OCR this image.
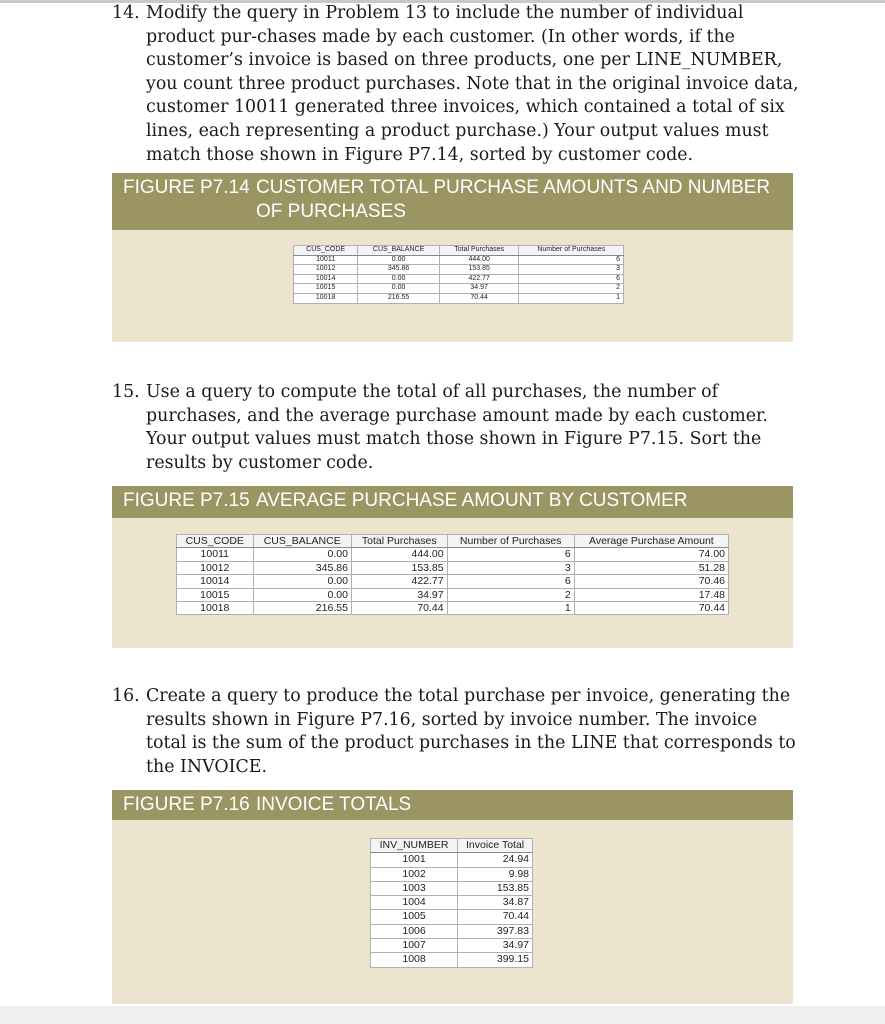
14. Modify the query in Problem 13 to include the number of individual product pur-chases made by each customer. (In other words, if the customer’s invoice is based on three products, one per LINE_NUMBER, you count three product purchases. Note that in the original invoice data, customer 10011 generated three invoices, which contained a total of six lines, each representing a product purchase.) Your output values must match those shown in Figure P7.14, sorted by customer code.
FIGURE P7.14 CUSTOMER TOTAL PURCHASE AMOUNTS AND NUMBER OF PURCHASES
CUS_CODE	CUS_BALANCE	Total Purchases	Number of Purchases
10011	0.00	444.00	6
10012	345.86	153.85	3
10014	0.00	422.77	6
10015	0.00	34.97	2
10018	216.55	70.44	1
15. Use a query to compute the total of all purchases, the number of purchases, and the average purchase amount made by each customer. Your output values must match those shown in Figure P7.15. Sort the results by customer code.
FIGURE P7.15 AVERAGE PURCHASE AMOUNT BY CUSTOMER
CUS_CODE	CUS_BALANCE	Total Purchases	Number of Purchases	Average Purchase Amount
10011	0.00	444.00	6	74.00
10012	345.86	153.85	3	51.28
10014	0.00	422.77	6	70.46
10015	0.00	34.97	2	17.48
10018	216.55	70.44	1	70.44
16. Create a query to produce the total purchase per invoice, generating the results shown in Figure P7.16, sorted by invoice number. The invoice total is the sum of the product purchases in the LINE that corresponds to the INVOICE.
FIGURE P7.16 INVOICE TOTALS
INV_NUMBER	Invoice Total
1001	24.94
1002	9.98
1003	153.85
1004	34.87
1005	70.44
1006	397.83
1007	34.97
1008	399.15
